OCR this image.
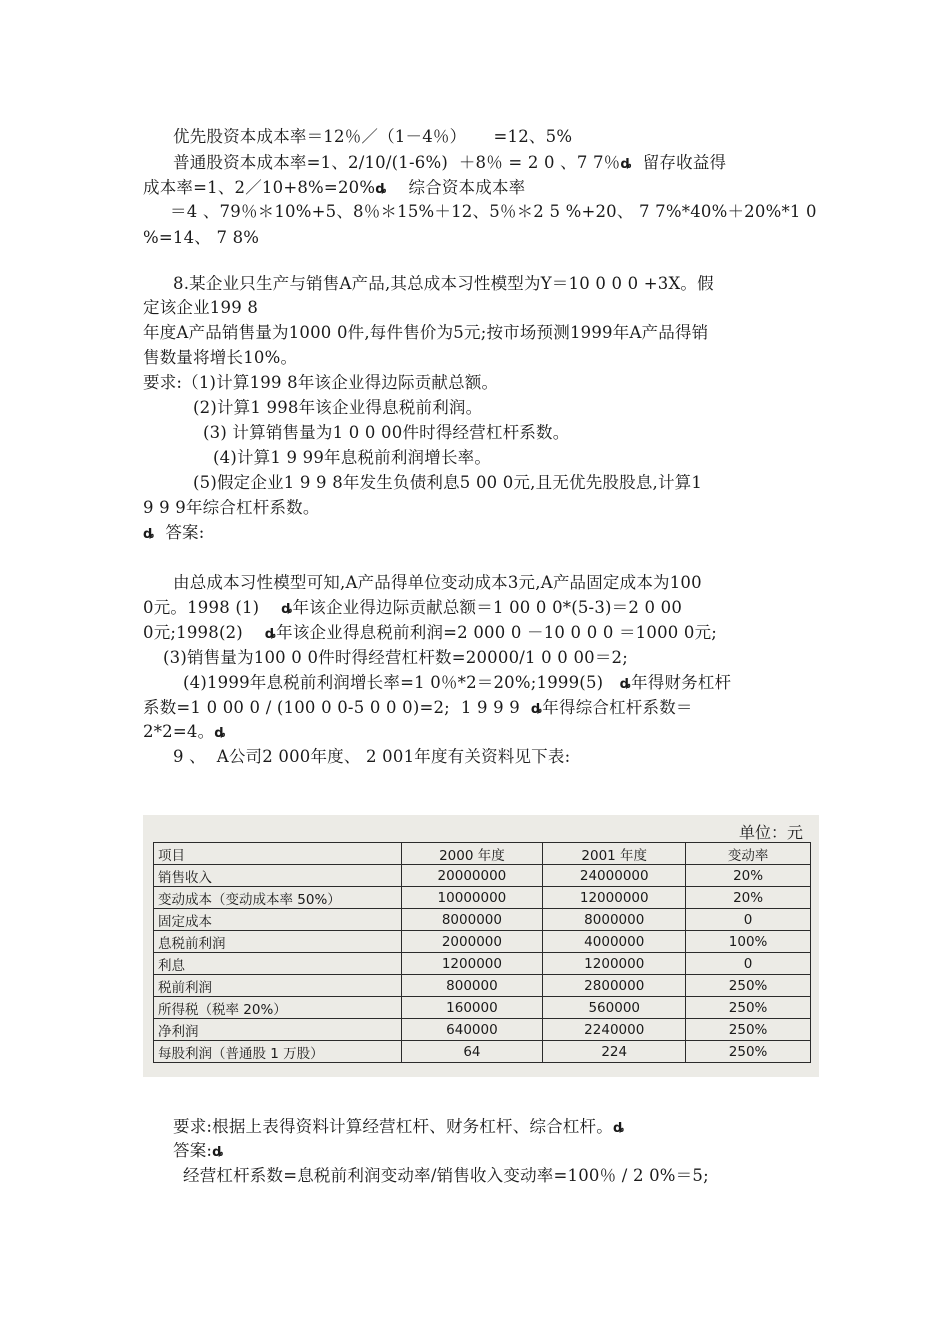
优先股资本成本率＝12％／（1－4％）     =12、5%
普通股资本成本率=1、2/10/(1-6%)  ＋8％ = 2 0 、7 7％ȡ  留存收益得
成本率=1、2／10+8%=20%ȡ    综合资本成本率
＝4 、79％＊10%+5、8％＊15%＋12、5％＊2 5 %+20、 7 7%*40%＋20%*1 0
%=14、 7 8%
8.某企业只生产与销售A产品,其总成本习性模型为Y＝10 0 0 0 +3X。假
定该企业199 8
年度A产品销售量为1000 0件,每件售价为5元;按市场预测1999年A产品得销
售数量将增长10%。
要求:（1)计算199 8年该企业得边际贡献总额。
(2)计算1 998年该企业得息税前利润。
(3) 计算销售量为1 0 0 00件时得经营杠杆系数。
(4)计算1 9 99年息税前利润增长率。
(5)假定企业1 9 9 8年发生负债利息5 00 0元,且无优先股股息,计算1
9 9 9年综合杠杆系数。
ȡ  答案:
由总成本习性模型可知,A产品得单位变动成本3元,A产品固定成本为100
0元。1998 (1)    ȡ年该企业得边际贡献总额＝1 00 0 0*(5-3)＝2 0 00
0元;1998(2)    ȡ年该企业得息税前利润=2 000 0 －10 0 0 0 ＝1000 0元;
(3)销售量为100 0 0件时得经营杠杆数=20000/1 0 0 00＝2;
(4)1999年息税前利润增长率=1 0％*2＝20%;1999(5)   ȡ年得财务杠杆
系数=1 0 00 0 / (100 0 0-5 0 0 0)=2;  1 9 9 9  ȡ年得综合杠杆系数＝
2*2=4。ȡ
9 、  A公司2 000年度、 2 001年度有关资料见下表:
要求:根据上表得资料计算经营杠杆、财务杠杆、综合杠杆。ȡ
答案:ȡ
经营杠杆系数=息税前利润变动率/销售收入变动率=100％ / 2 0%＝5;
单位：元
项目	2000 年度	2001 年度	变动率
销售收入	20000000	24000000	20%
变动成本（变动成本率 50%）	10000000	12000000	20%
固定成本	8000000	8000000	0
息税前利润	2000000	4000000	100%
利息	1200000	1200000	0
税前利润	800000	2800000	250%
所得税（税率 20%）	160000	560000	250%
净利润	640000	2240000	250%
每股利润（普通股 1 万股）	64	224	250%
